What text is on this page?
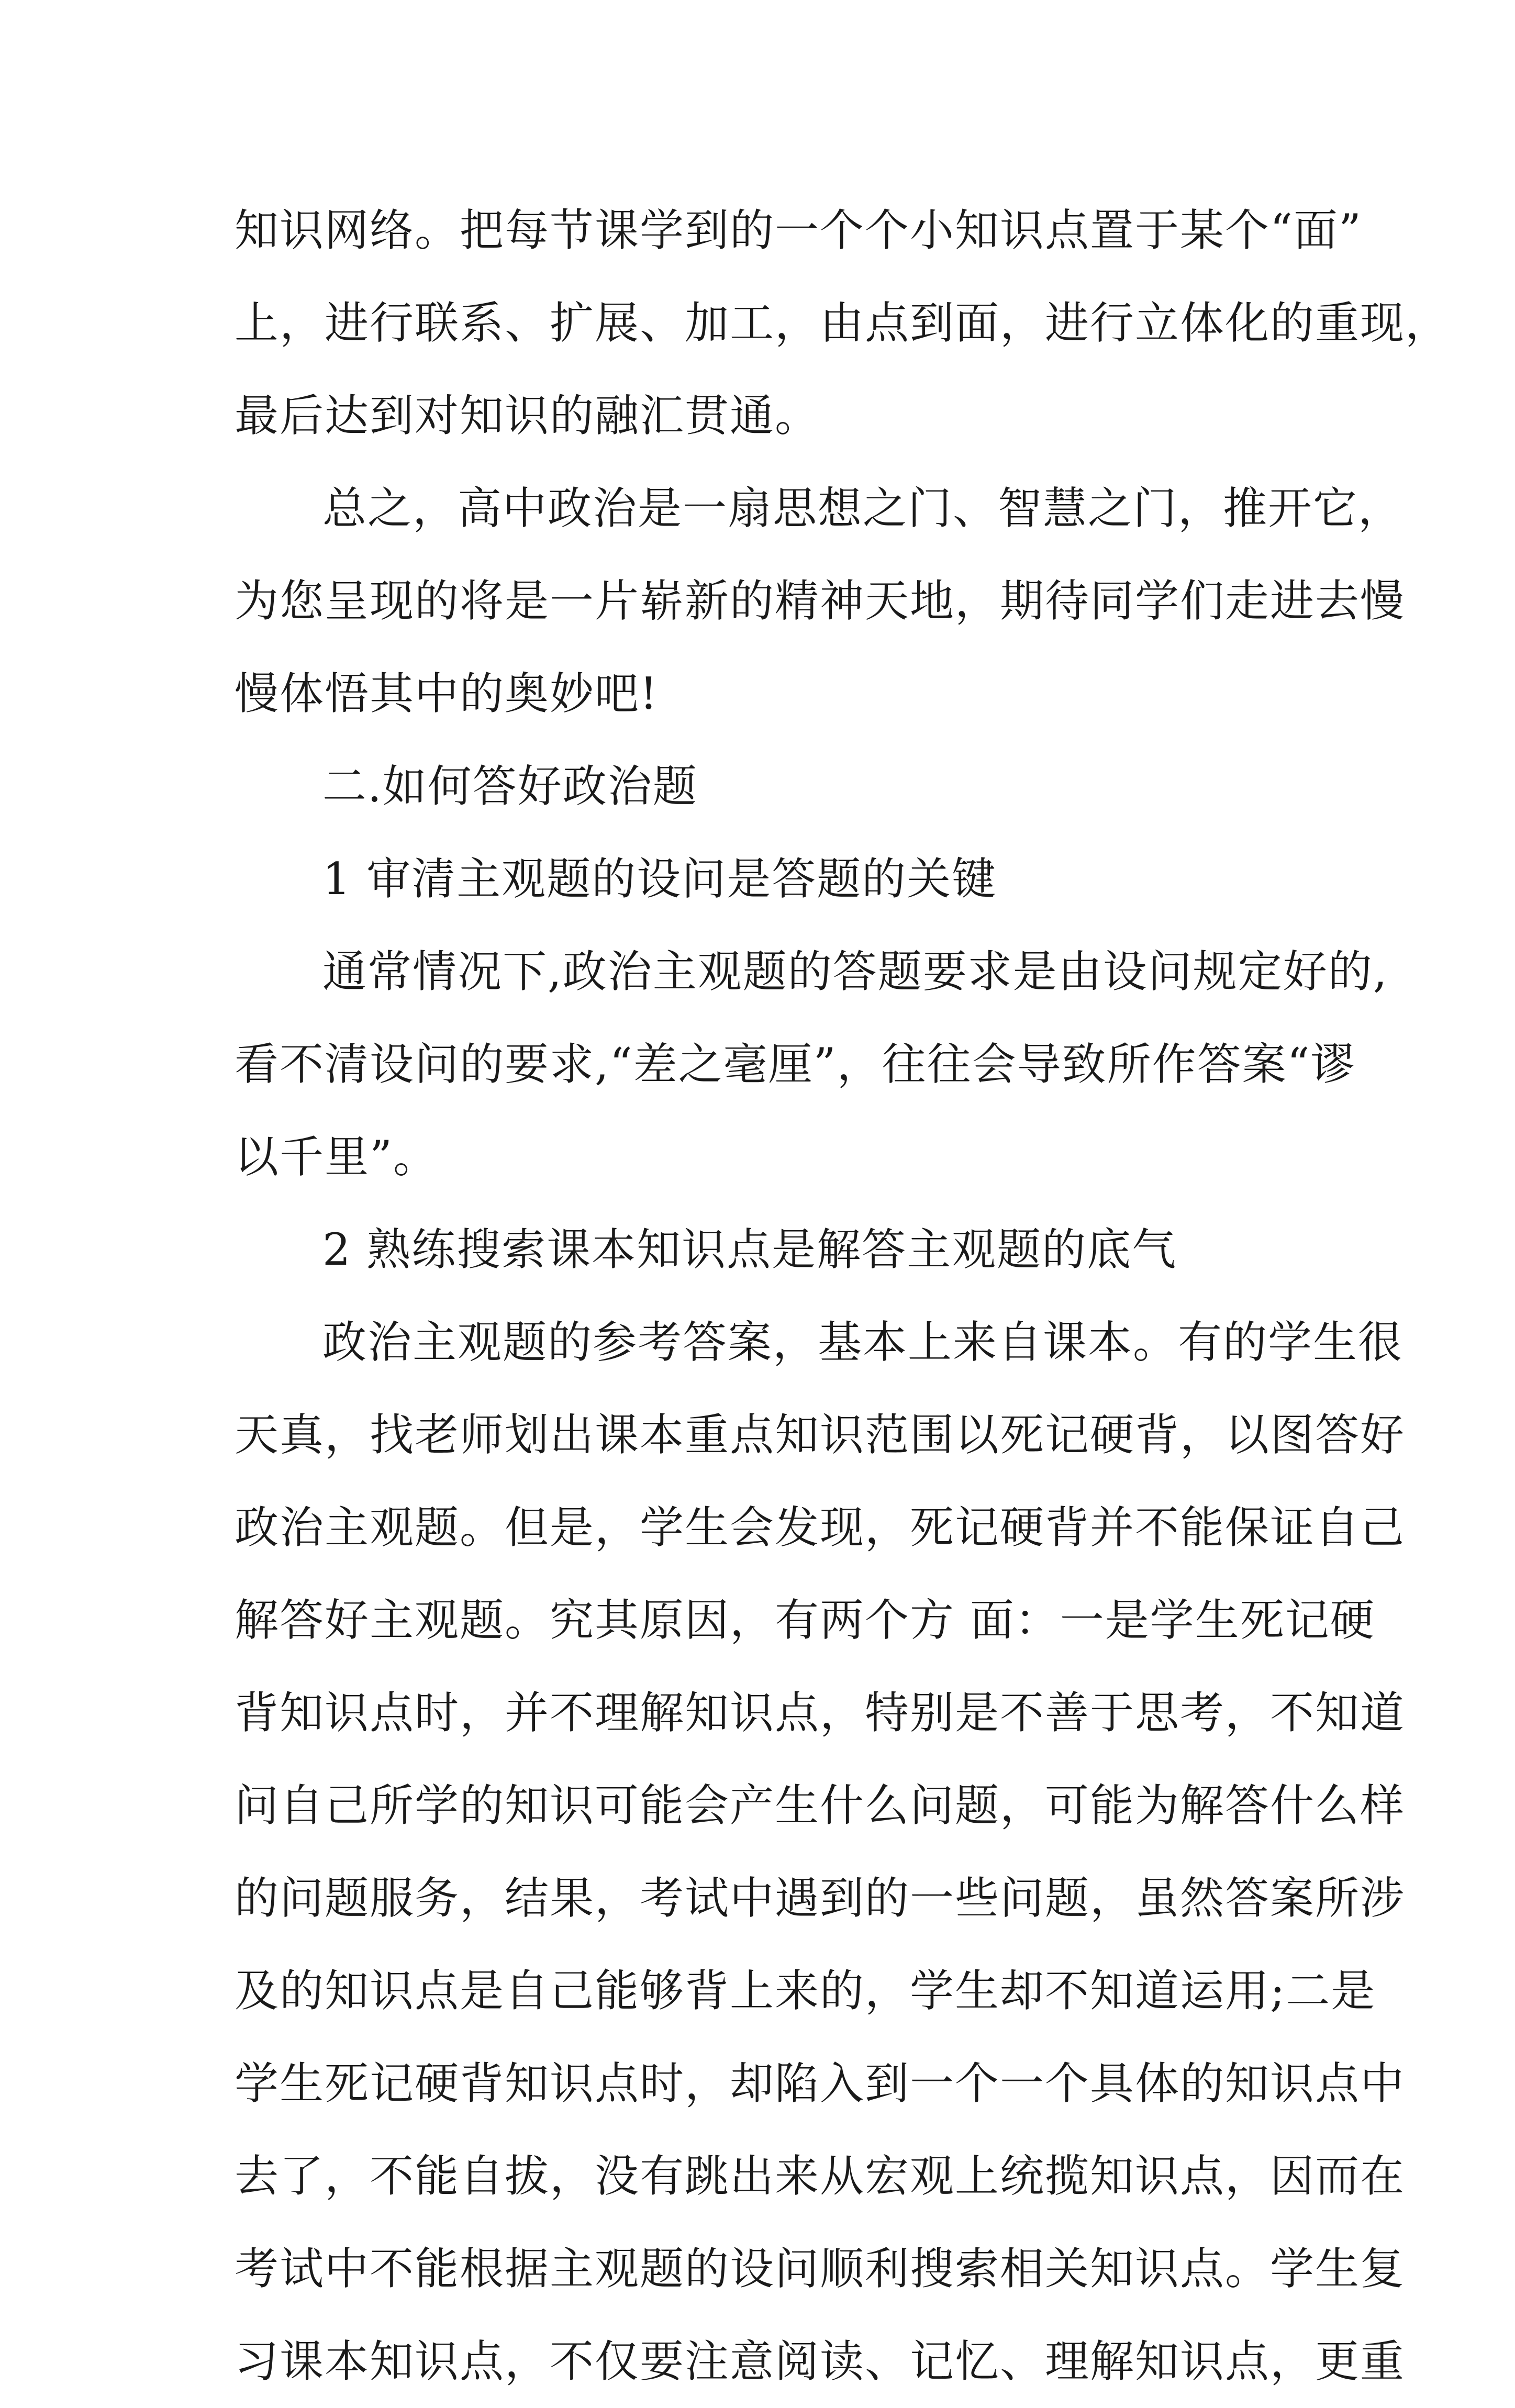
知识网络。把每节课学到的一个个小知识点置于某个“面”
上，进行联系、扩展、加工，由点到面，进行立体化的重现，
最后达到对知识的融汇贯通。

总之，高中政治是一扇思想之门、智慧之门，推开它，
为您呈现的将是一片崭新的精神天地，期待同学们走进去慢
慢体悟其中的奥妙吧!

二.如何答好政治题

1 审清主观题的设问是答题的关键

通常情况下,政治主观题的答题要求是由设问规定好的,
看不清设问的要求,“差之毫厘”，往往会导致所作答案“谬
以千里”。

2 熟练搜索课本知识点是解答主观题的底气

政治主观题的参考答案，基本上来自课本。有的学生很
天真，找老师划出课本重点知识范围以死记硬背，以图答好
政治主观题。但是，学生会发现，死记硬背并不能保证自己
解答好主观题。究其原因，有两个方 面：一是学生死记硬
背知识点时，并不理解知识点，特别是不善于思考，不知道
问自己所学的知识可能会产生什么问题，可能为解答什么样
的问题服务，结果，考试中遇到的一些问题，虽然答案所涉
及的知识点是自己能够背上来的，学生却不知道运用;二是
学生死记硬背知识点时，却陷入到一个一个具体的知识点中
去了，不能自拔，没有跳出来从宏观上统揽知识点，因而在
考试中不能根据主观题的设问顺利搜索相关知识点。学生复
习课本知识点，不仅要注意阅读、记忆、理解知识点，更重
